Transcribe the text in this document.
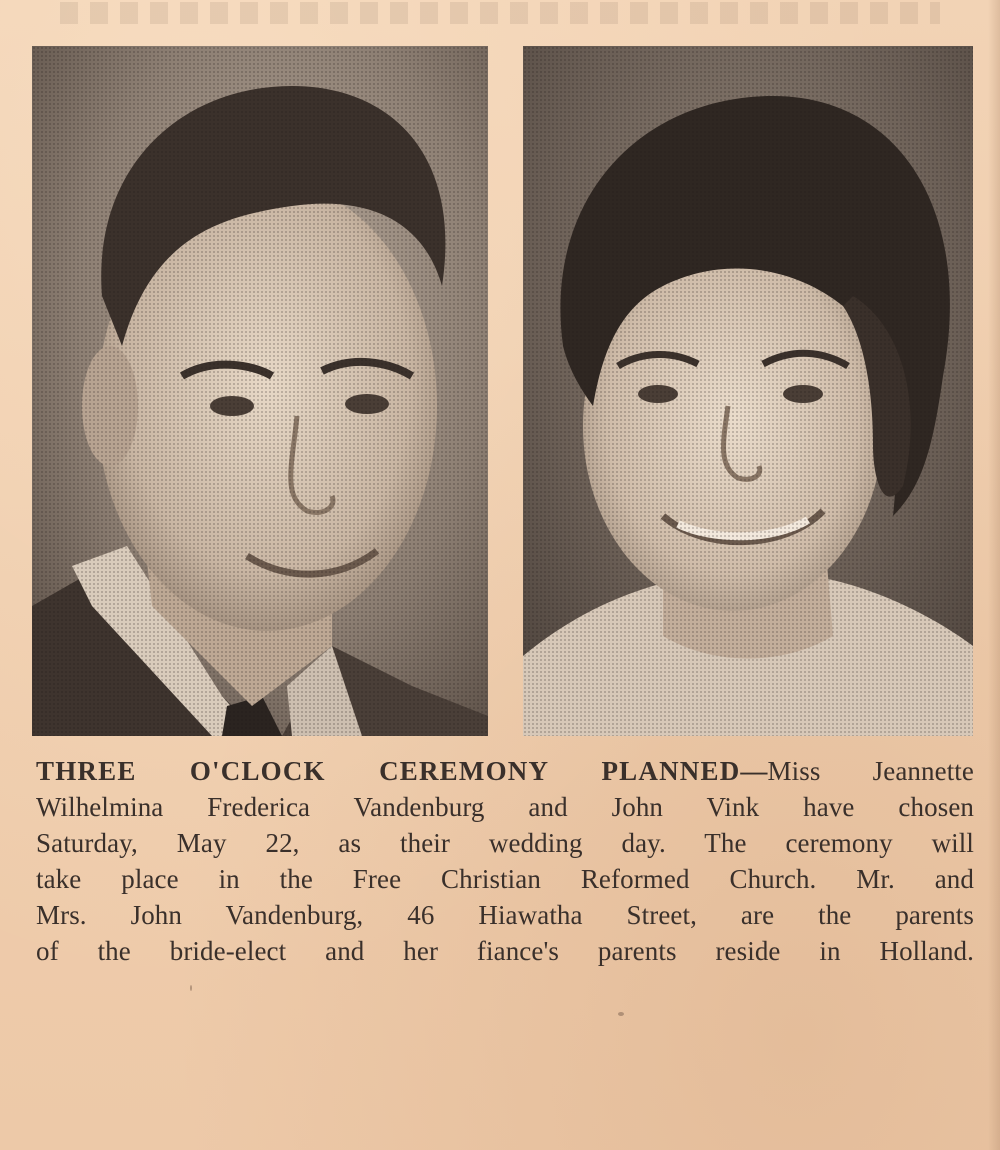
THREE O'CLOCK CEREMONY PLANNED—Miss Jeannette
Wilhelmina Frederica Vandenburg and John Vink have chosen
Saturday, May 22, as their wedding day. The ceremony will
take place in the Free Christian Reformed Church. Mr. and
Mrs. John Vandenburg, 46 Hiawatha Street, are the parents
of the bride-elect and her fiance's parents reside in Holland.
